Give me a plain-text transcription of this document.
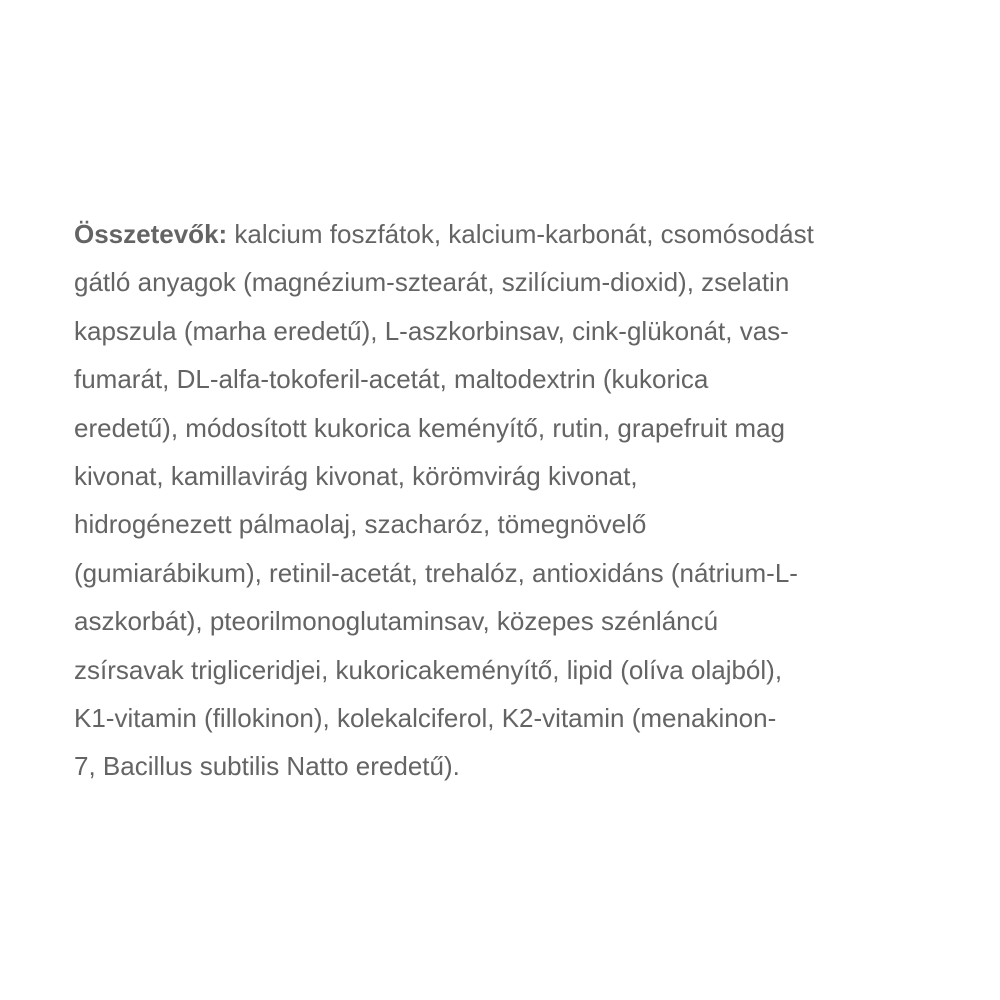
Összetevők: kalcium foszfátok, kalcium-karbonát, csomósodást
gátló anyagok (magnézium-sztearát, szilícium-dioxid), zselatin
kapszula (marha eredetű), L-aszkorbinsav, cink-glükonát, vas-
fumarát, DL-alfa-tokoferil-acetát, maltodextrin (kukorica
eredetű), módosított kukorica keményítő, rutin, grapefruit mag
kivonat, kamillavirág kivonat, körömvirág kivonat,
hidrogénezett pálmaolaj, szacharóz, tömegnövelő
(gumiarábikum), retinil-acetát, trehalóz, antioxidáns (nátrium-L-
aszkorbát), pteorilmonoglutaminsav, közepes szénláncú
zsírsavak trigliceridjei, kukoricakeményítő, lipid (olíva olajból),
K1-vitamin (fillokinon), kolekalciferol, K2-vitamin (menakinon-
7, Bacillus subtilis Natto eredetű).
